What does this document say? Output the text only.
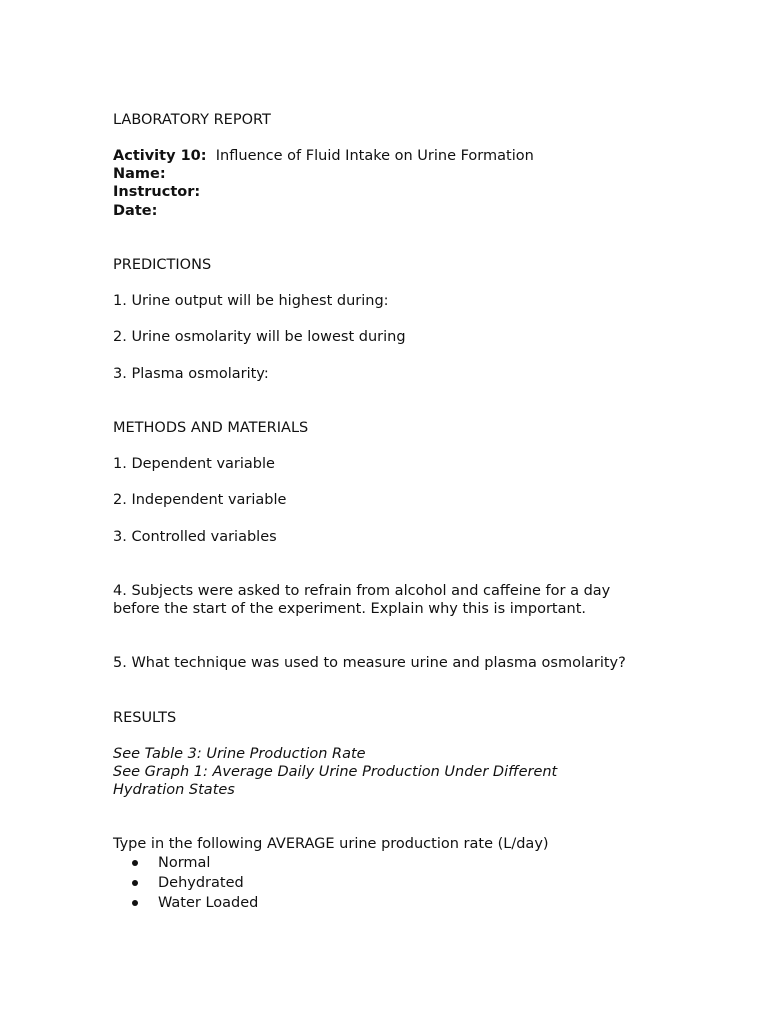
LABORATORY REPORT
Activity 10: Influence of Fluid Intake on Urine Formation
Name:
Instructor:
Date:
PREDICTIONS
1. Urine output will be highest during:
2. Urine osmolarity will be lowest during
3. Plasma osmolarity:
METHODS AND MATERIALS
1. Dependent variable
2. Independent variable
3. Controlled variables
4. Subjects were asked to refrain from alcohol and caffeine for a day before the start of the experiment. Explain why this is important.
5. What technique was used to measure urine and plasma osmolarity?
RESULTS
See Table 3: Urine Production Rate
See Graph 1: Average Daily Urine Production Under Different Hydration States
Type in the following AVERAGE urine production rate (L/day)
Normal
Dehydrated
Water Loaded
